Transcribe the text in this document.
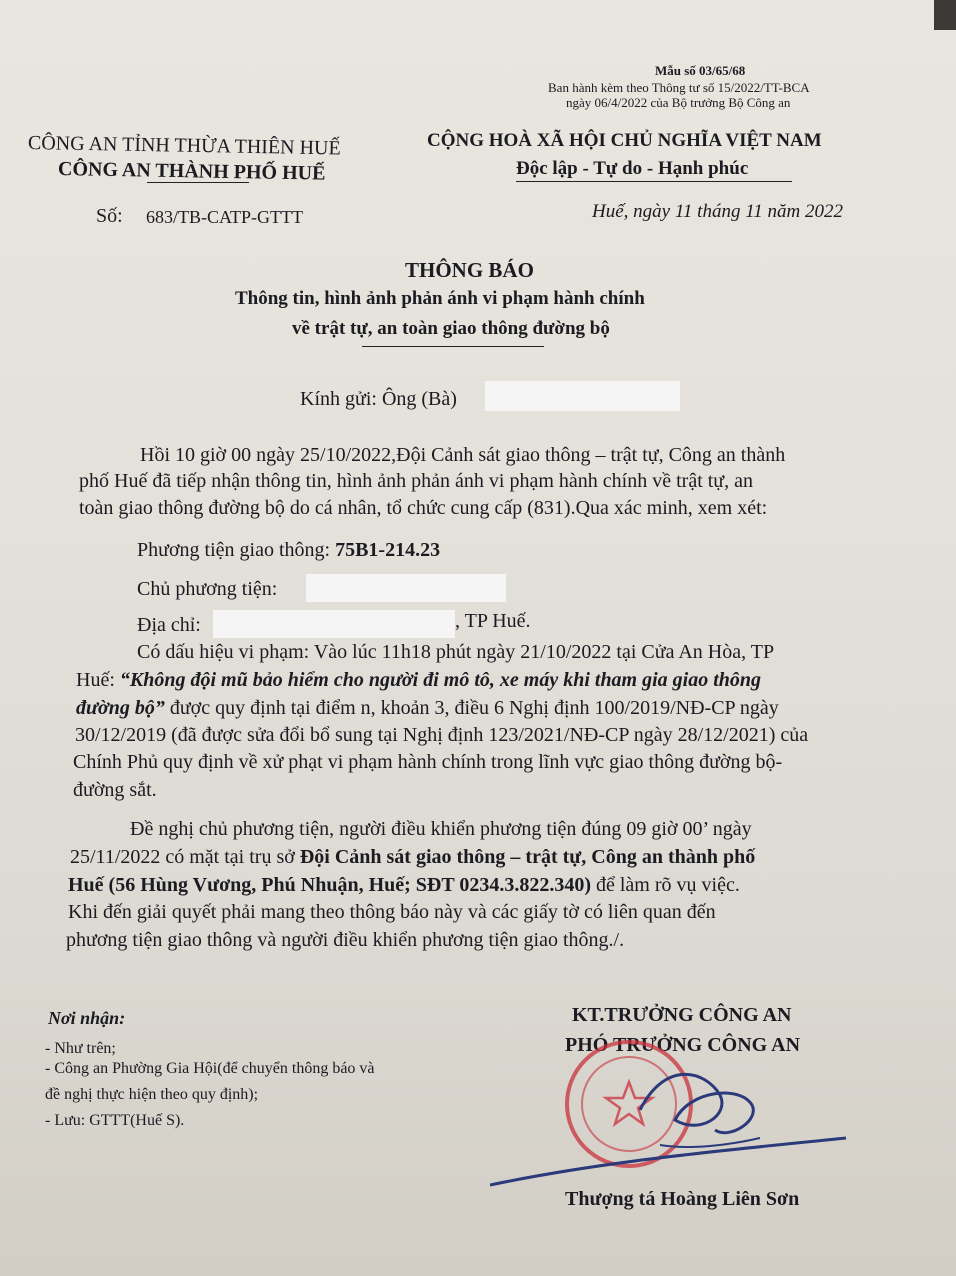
Mẫu số 03/65/68
Ban hành kèm theo Thông tư số 15/2022/TT-BCA
ngày 06/4/2022 của Bộ trưởng Bộ Công an
CÔNG AN TỈNH THỪA THIÊN HUẾ
CÔNG AN THÀNH PHỐ HUẾ
Số: 683/TB-CATP-GTTT
CỘNG HOÀ XÃ HỘI CHỦ NGHĨA VIỆT NAM
Độc lập - Tự do - Hạnh phúc
Huế, ngày 11 tháng 11 năm 2022
THÔNG BÁO
Thông tin, hình ảnh phản ánh vi phạm hành chính
về trật tự, an toàn giao thông đường bộ
Kính gửi: Ông (Bà)
Hồi 10 giờ 00 ngày 25/10/2022,Đội Cảnh sát giao thông – trật tự, Công an thành
phố Huế đã tiếp nhận thông tin, hình ảnh phản ánh vi phạm hành chính về trật tự, an
toàn giao thông đường bộ do cá nhân, tổ chức cung cấp (831).Qua xác minh, xem xét:
Phương tiện giao thông: 75B1-214.23
Chủ phương tiện:
Địa chỉ:	, TP Huế.
Có dấu hiệu vi phạm: Vào lúc 11h18 phút ngày 21/10/2022 tại Cửa An Hòa, TP
Huế: “Không đội mũ bảo hiểm cho người đi mô tô, xe máy khi tham gia giao thông
đường bộ” được quy định tại điểm n, khoản 3, điều 6 Nghị định 100/2019/NĐ-CP ngày
30/12/2019 (đã được sửa đổi bổ sung tại Nghị định 123/2021/NĐ-CP ngày 28/12/2021) của
Chính Phủ quy định về xử phạt vi phạm hành chính trong lĩnh vực giao thông đường bộ-
đường sắt.
Đề nghị chủ phương tiện, người điều khiển phương tiện đúng 09 giờ 00’ ngày
25/11/2022 có mặt tại trụ sở Đội Cảnh sát giao thông – trật tự, Công an thành phố
Huế (56 Hùng Vương, Phú Nhuận, Huế; SĐT 0234.3.822.340) để làm rõ vụ việc.
Khi đến giải quyết phải mang theo thông báo này và các giấy tờ có liên quan đến
phương tiện giao thông và người điều khiển phương tiện giao thông./.
Nơi nhận:
- Như trên;
- Công an Phường Gia Hội(để chuyển thông báo và
đề nghị thực hiện theo quy định);
- Lưu: GTTT(Huế S).
KT.TRƯỞNG CÔNG AN
PHÓ TRƯỞNG CÔNG AN
Thượng tá Hoàng Liên Sơn
